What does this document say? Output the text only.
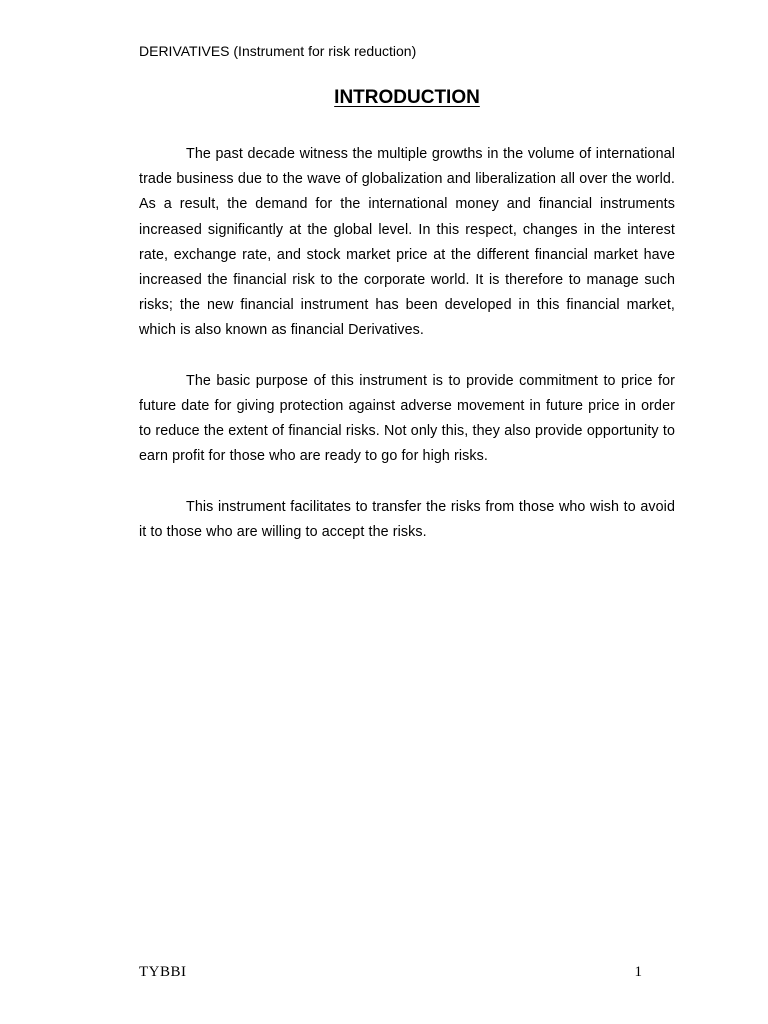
DERIVATIVES (Instrument for risk reduction)
INTRODUCTION

The past decade witness the multiple growths in the volume of international trade business due to the wave of globalization and liberalization all over the world. As a result, the demand for the international money and financial instruments increased significantly at the global level. In this respect, changes in the interest rate, exchange rate, and stock market price at the different financial market have increased the financial risk to the corporate world. It is therefore to manage such risks; the new financial instrument has been developed in this financial market, which is also known as financial Derivatives.

The basic purpose of this instrument is to provide commitment to price for future date for giving protection against adverse movement in future price in order to reduce the extent of financial risks. Not only this, they also provide opportunity to earn profit for those who are ready to go for high risks.

This instrument facilitates to transfer the risks from those who wish to avoid it to those who are willing to accept the risks.

TYBBI	1
